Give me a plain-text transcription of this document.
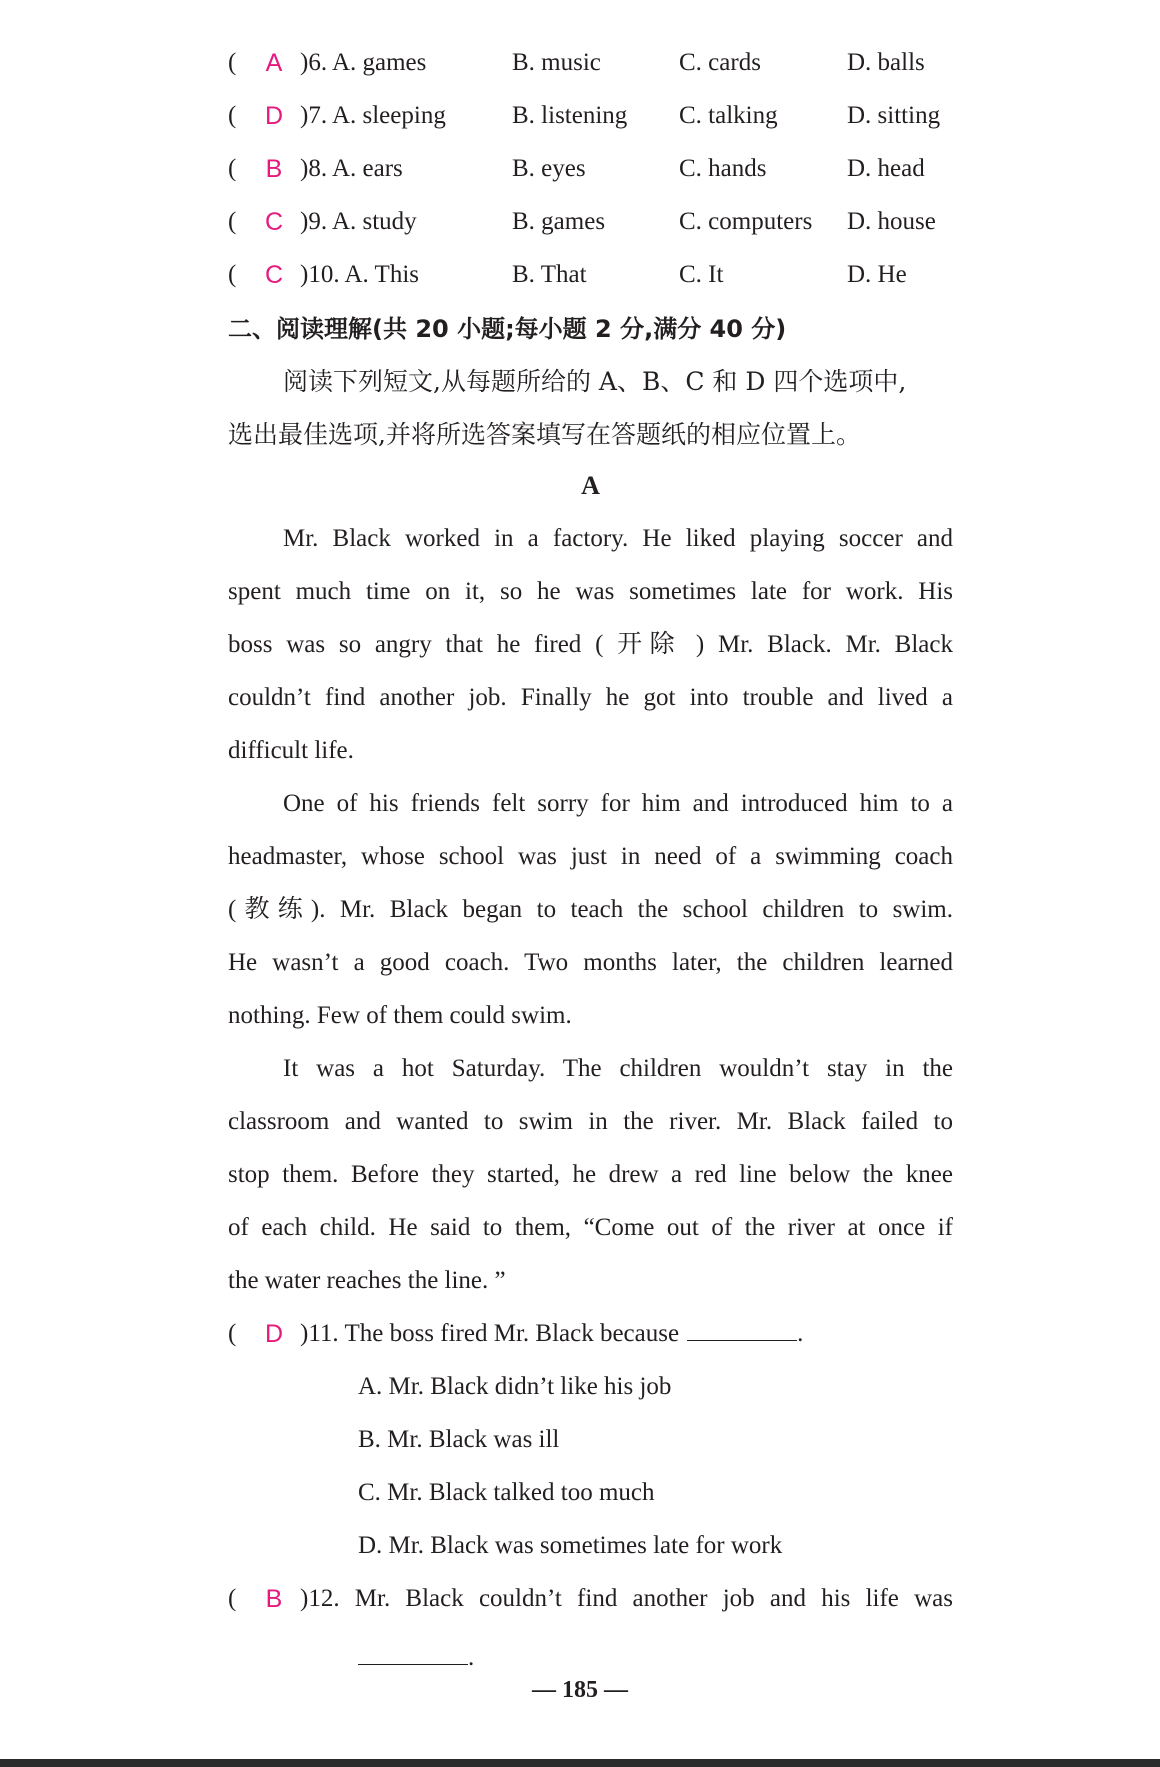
( A )6. A. games	B. music	C. cards	D. balls
( D )7. A. sleeping	B. listening C. talking	D. sitting
( B )8. A. ears	B. eyes	C. hands	D. head
( C )9. A. study	B. games	C. computers D. house
( C )10. A. This	B. That	C. It	D. He
二、阅读理解(共 20 小题;每小题 2 分,满分 40 分)
阅读下列短文,从每题所给的 A、B、C 和 D 四个选项中,
选出最佳选项,并将所选答案填写在答题纸的相应位置上。
A
Mr. Black worked in a factory. He liked playing soccer and
spent much time on it, so he was sometimes late for work. His
boss was so angry that he fired ( 开除 ) Mr. Black. Mr. Black
couldn’t find another job. Finally he got into trouble and lived a
difficult life.
One of his friends felt sorry for him and introduced him to a
headmaster, whose school was just in need of a swimming coach
(教练). Mr. Black began to teach the school children to swim.
He wasn’t a good coach. Two months later, the children learned
nothing. Few of them could swim.
It was a hot Saturday. The children wouldn’t stay in the
classroom and wanted to swim in the river. Mr. Black failed to
stop them. Before they started, he drew a red line below the knee
of each child. He said to them, “Come out of the river at once if
the water reaches the line. ”
( D )11. The boss fired Mr. Black because	.
A. Mr. Black didn’t like his job
B. Mr. Black was ill
C. Mr. Black talked too much
D. Mr. Black was sometimes late for work
( B )12. Mr. Black couldn’t find another job and his life was
.
— 185 —
